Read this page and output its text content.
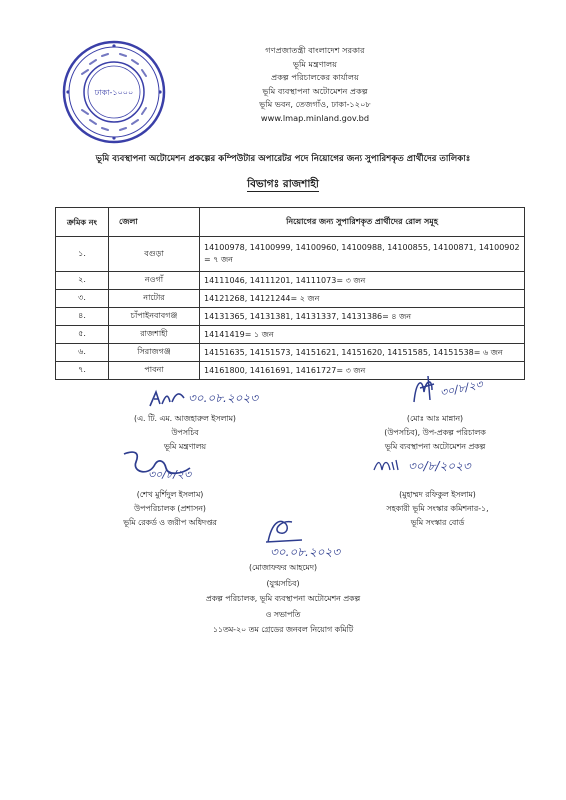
ঢাকা-১০০০
গণপ্রজাতন্ত্রী বাংলাদেশ সরকার
ভূমি মন্ত্রণালয়
প্রকল্প পরিচালকের কার্যালয়
ভূমি ব্যবস্থাপনা অটোমেশন প্রকল্প
ভূমি ভবন, তেজগাঁও, ঢাকা-১২০৮
www.lmap.minland.gov.bd
ভূমি ব্যবস্থাপনা অটোমেশন প্রকল্পের কম্পিউটার অপারেটর পদে নিয়োগের জন্য সুপারিশকৃত প্রার্থীদের তালিকাঃ
বিভাগঃ রাজশাহী
ক্রমিক নং	জেলা	নিয়োগের জন্য সুপারিশকৃত প্রার্থীদের রোল সমূহ
১.	বগুড়া	14100978, 14100999, 14100960, 14100988, 14100855, 14100871, 14100902 = ৭ জন
২.	নওগাঁ	14111046, 14111201, 14111073= ৩ জন
৩.	নাটোর	14121268, 14121244= ২ জন
৪.	চাঁপাইনবাবগঞ্জ	14131365, 14131381, 14131337, 14131386= ৪ জন
৫.	রাজশাহী	14141419= ১ জন
৬.	সিরাজগঞ্জ	14151635, 14151573, 14151621, 14151620, 14151585, 14151538= ৬ জন
৭.	পাবনা	14161800, 14161691, 14161727= ৩ জন
৩০.০৮.২০২৩
(এ. টি. এম. আজহারুল ইসলাম)
উপসচিব
ভূমি মন্ত্রণালয়
৩০/৮/২৩
(মোঃ আঃ মান্নান)
(উপসচিব), উপ-প্রকল্প পরিচালক
ভূমি ব্যবস্থাপনা অটোমেশন প্রকল্প
৩০/৮/২৩
(শেখ মুর্শিদুল ইসলাম)
উপপরিচালক (প্রশাসন)
ভূমি রেকর্ড ও জরীপ অধিদপ্তর
৩০/৮/২০২৩
(মুহাম্মদ রফিকুল ইসলাম)
সহকারী ভূমি সংস্কার কমিশনার-১,
ভূমি সংস্কার বোর্ড
৩০.০৮.২০২৩
(মোজাফফর আহমেদ)
(যুগ্মসচিব)
প্রকল্প পরিচালক, ভূমি ব্যবস্থাপনা অটোমেশন প্রকল্প
ও সভাপতি
১১তম-২০ তম গ্রেডের জনবল নিয়োগ কমিটি
